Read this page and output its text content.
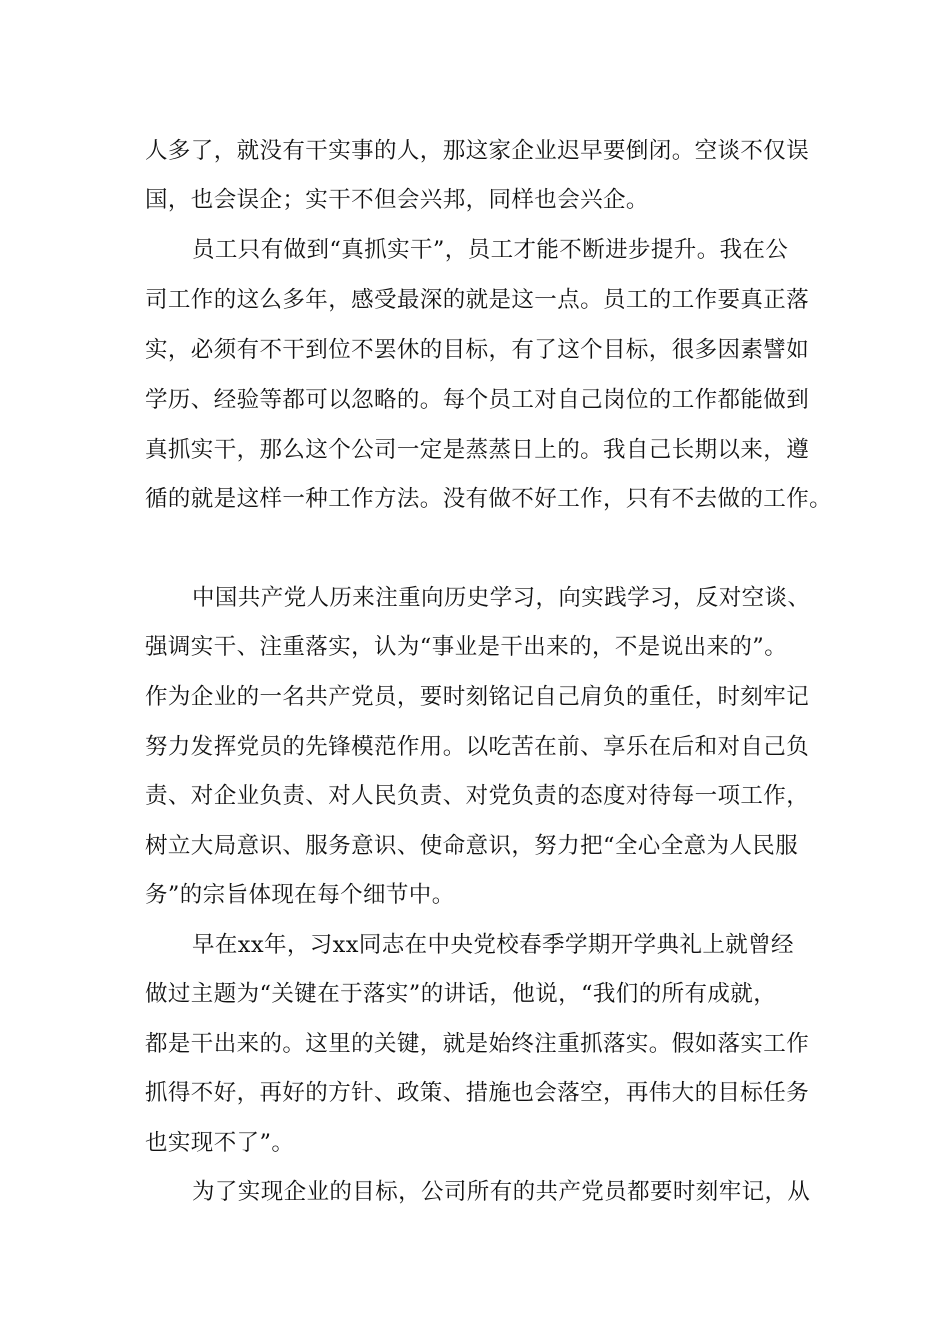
人多了，就没有干实事的人，那这家企业迟早要倒闭。空谈不仅误
国，也会误企；实干不但会兴邦，同样也会兴企。
员工只有做到“真抓实干”，员工才能不断进步提升。我在公
司工作的这么多年，感受最深的就是这一点。员工的工作要真正落
实，必须有不干到位不罢休的目标，有了这个目标，很多因素譬如
学历、经验等都可以忽略的。每个员工对自己岗位的工作都能做到
真抓实干，那么这个公司一定是蒸蒸日上的。我自己长期以来，遵
循的就是这样一种工作方法。没有做不好工作，只有不去做的工作。
中国共产党人历来注重向历史学习，向实践学习，反对空谈、
强调实干、注重落实，认为“事业是干出来的，不是说出来的”。
作为企业的一名共产党员，要时刻铭记自己肩负的重任，时刻牢记
努力发挥党员的先锋模范作用。以吃苦在前、享乐在后和对自己负
责、对企业负责、对人民负责、对党负责的态度对待每一项工作，
树立大局意识、服务意识、使命意识，努力把“全心全意为人民服
务”的宗旨体现在每个细节中。
早在xx年，习xx同志在中央党校春季学期开学典礼上就曾经
做过主题为“关键在于落实”的讲话，他说，“我们的所有成就，
都是干出来的。这里的关键，就是始终注重抓落实。假如落实工作
抓得不好，再好的方针、政策、措施也会落空，再伟大的目标任务
也实现不了”。
为了实现企业的目标，公司所有的共产党员都要时刻牢记，从
